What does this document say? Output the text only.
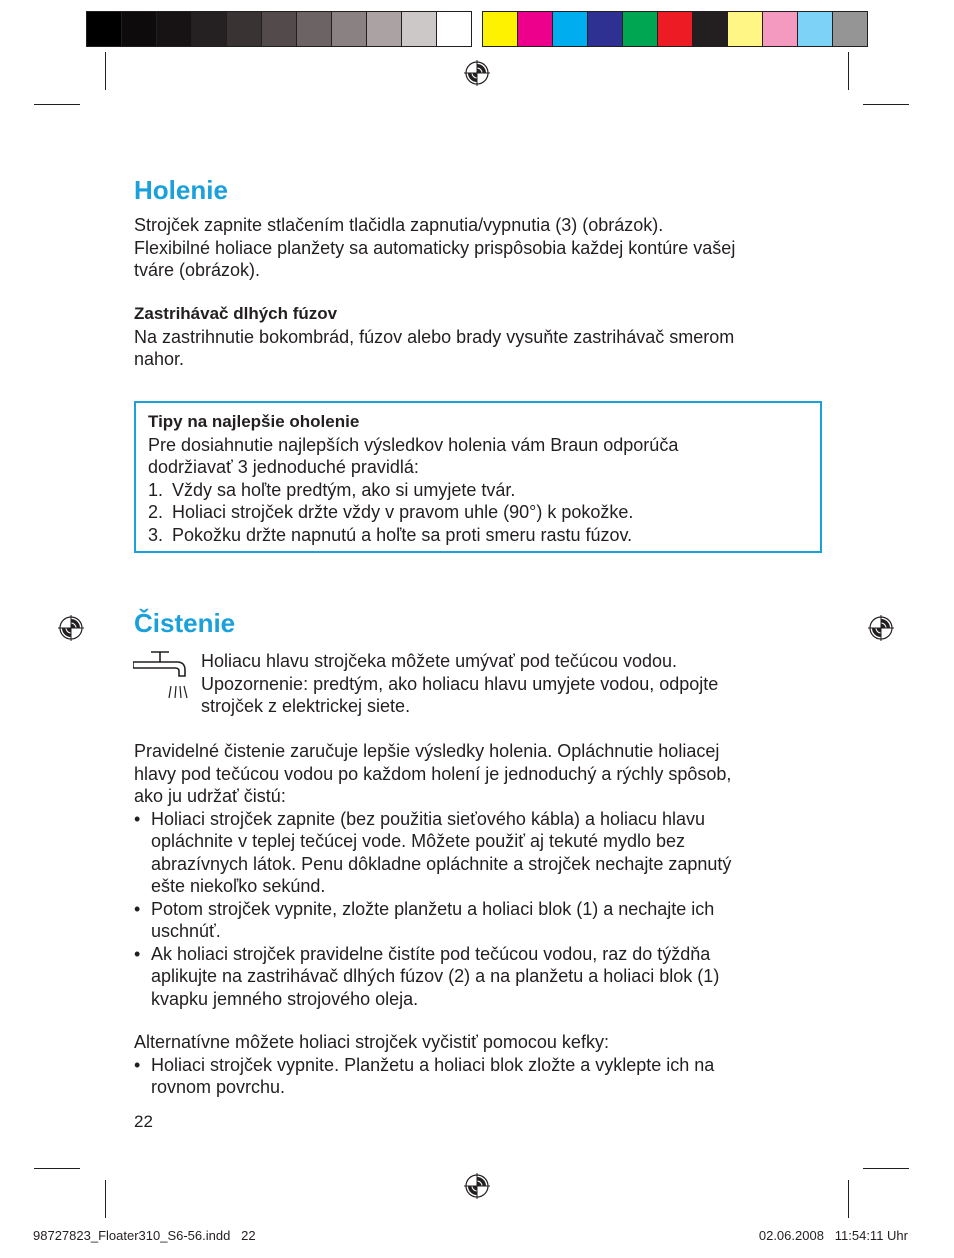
Holenie
Strojček zapnite stlačením tlačidla zapnutia/vypnutia (3) (obrázok).
Flexibilné holiace planžety sa automaticky prispôsobia každej kontúre vašej
tváre (obrázok).
Zastrihávač dlhých fúzov
Na zastrihnutie bokombrád, fúzov alebo brady vysuňte zastrihávač smerom
nahor.
Tipy na najlepšie oholenie
Pre dosiahnutie najlepších výsledkov holenia vám Braun odporúča
dodržiavať 3 jednoduché pravidlá:
1. Vždy sa hoľte predtým, ako si umyjete tvár.
2. Holiaci strojček držte vždy v pravom uhle (90°) k pokožke.
3. Pokožku držte napnutú a hoľte sa proti smeru rastu fúzov.
Čistenie
Holiacu hlavu strojčeka môžete umývať pod tečúcou vodou.
Upozornenie: predtým, ako holiacu hlavu umyjete vodou, odpojte
strojček z elektrickej siete.
Pravidelné čistenie zaručuje lepšie výsledky holenia. Opláchnutie holiacej
hlavy pod tečúcou vodou po každom holení je jednoduchý a rýchly spôsob,
ako ju udržať čistú:
• Holiaci strojček zapnite (bez použitia sieťového kábla) a holiacu hlavu
opláchnite v teplej tečúcej vode. Môžete použiť aj tekuté mydlo bez
abrazívnych látok. Penu dôkladne opláchnite a strojček nechajte zapnutý
ešte niekoľko sekúnd.
• Potom strojček vypnite, zložte planžetu a holiaci blok (1) a nechajte ich
uschnúť.
• Ak holiaci strojček pravidelne čistíte pod tečúcou vodou, raz do týždňa
aplikujte na zastrihávač dlhých fúzov (2) a na planžetu a holiaci blok (1)
kvapku jemného strojového oleja.
Alternatívne môžete holiaci strojček vyčistiť pomocou kefky:
• Holiaci strojček vypnite. Planžetu a holiaci blok zložte a vyklepte ich na
rovnom povrchu.
22
98727823_Floater310_S6-56.indd   22	02.06.2008   11:54:11 Uhr
